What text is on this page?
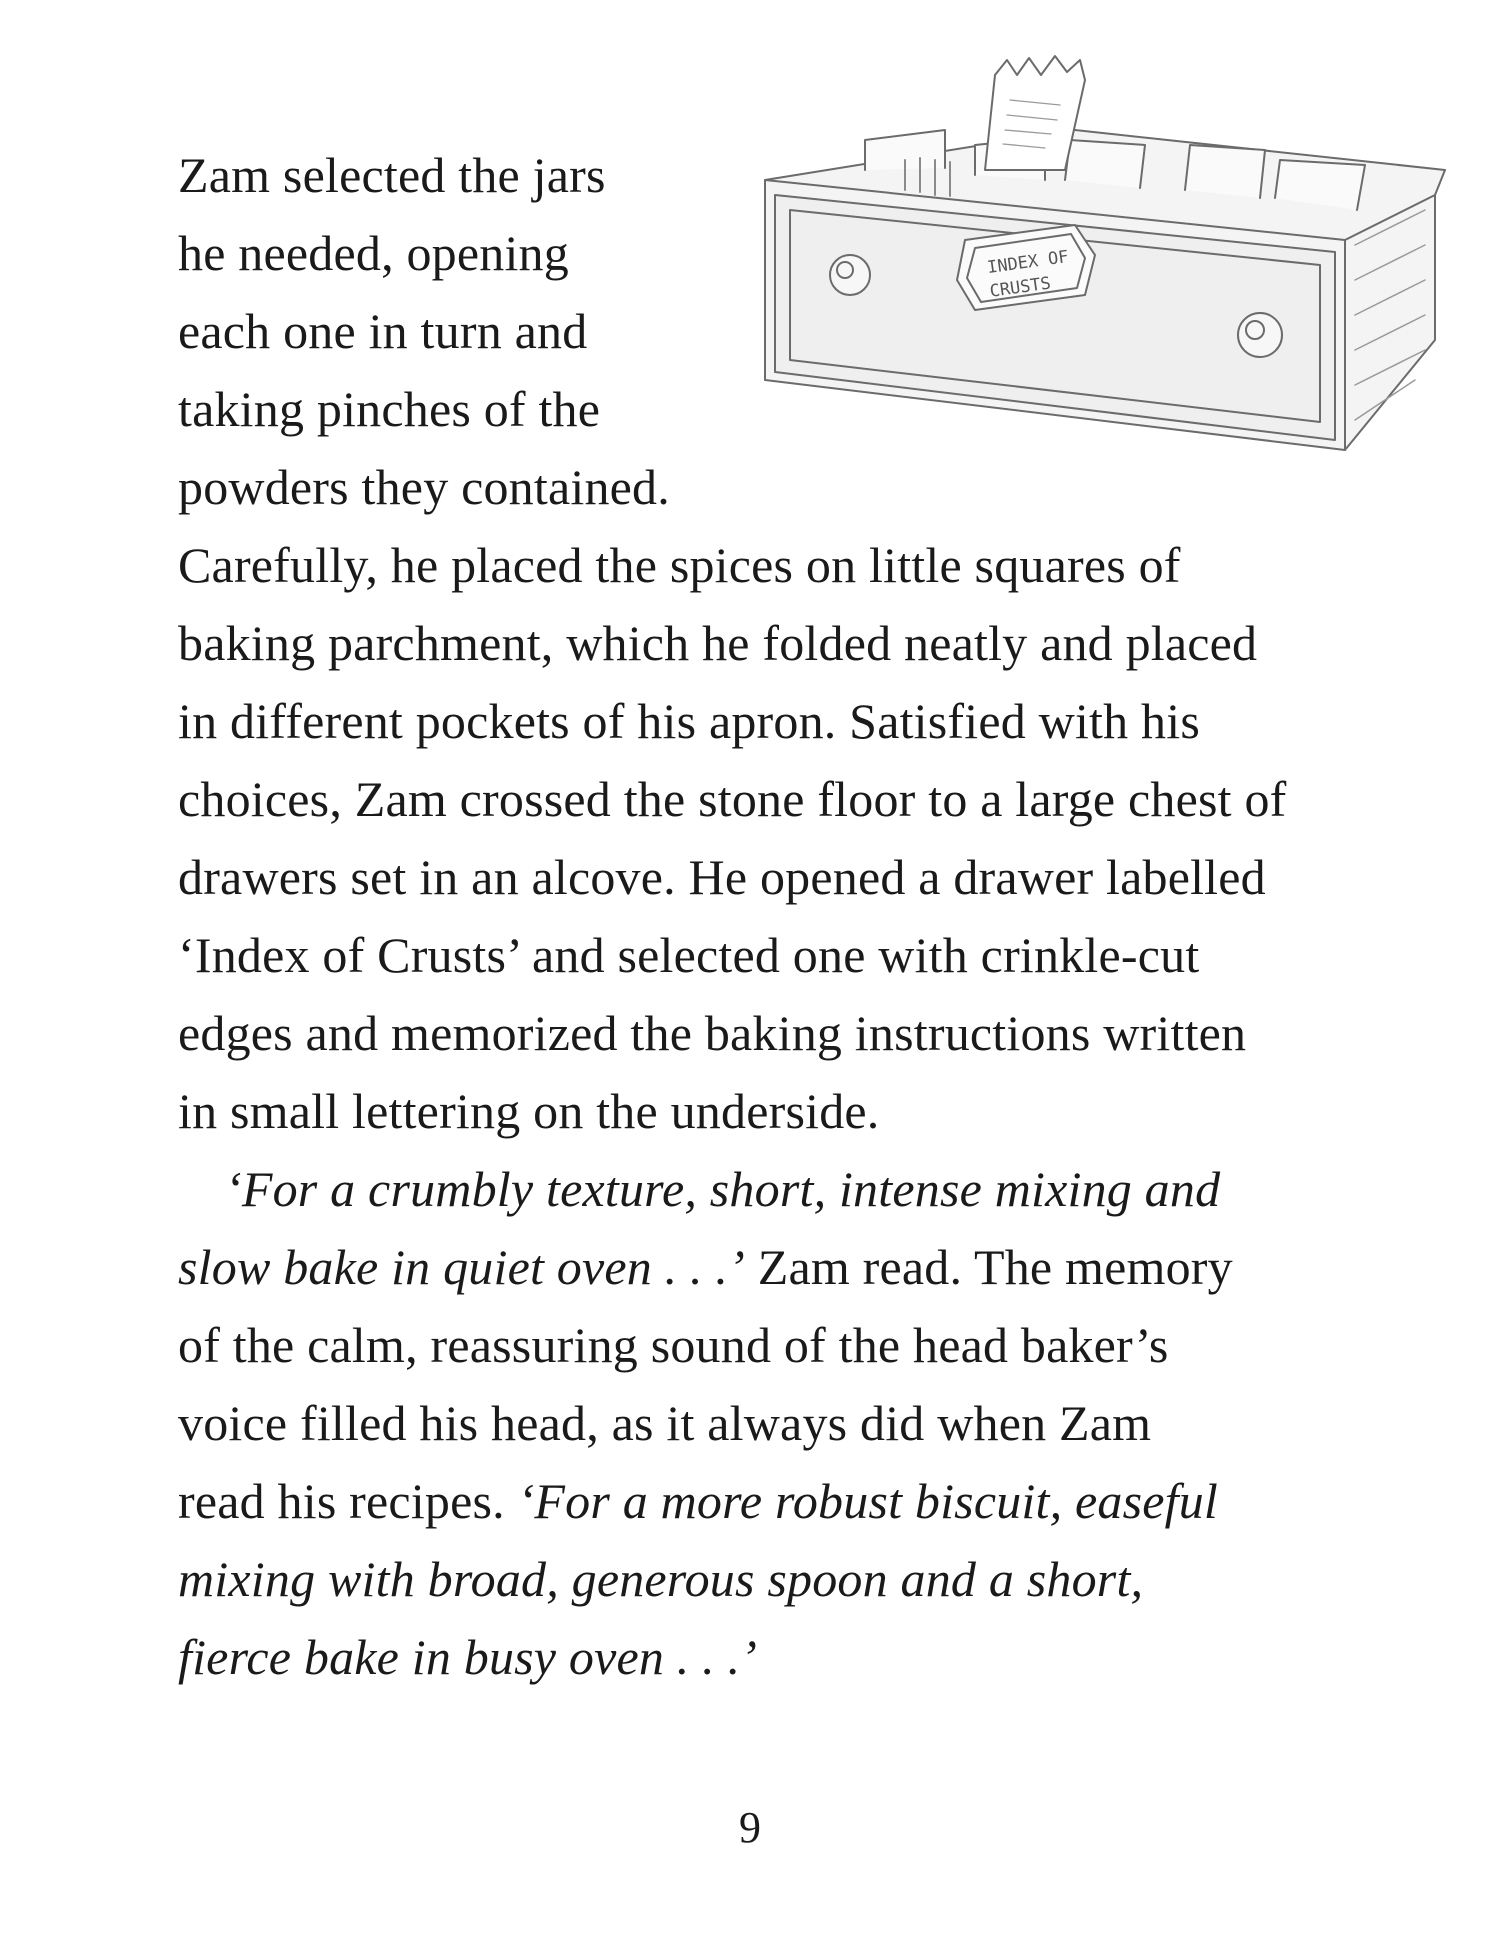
INDEX OF
CRUSTS

Zam selected the jars

he needed, opening

each one in turn and

taking pinches of the

powders they contained.

Carefully, he placed the spices on little squares of

baking parchment, which he folded neatly and placed

in different pockets of his apron. Satisfied with his

choices, Zam crossed the stone floor to a large chest of

drawers set in an alcove. He opened a drawer labelled

‘Index of Crusts’ and selected one with crinkle-cut

edges and memorized the baking instructions written

in small lettering on the underside.

‘For a crumbly texture, short, intense mixing and

slow bake in quiet oven . . .’ Zam read. The memory

of the calm, reassuring sound of the head baker’s

voice filled his head, as it always did when Zam

read his recipes. ‘For a more robust biscuit, easeful

mixing with broad, generous spoon and a short,

fierce bake in busy oven . . .’

9
